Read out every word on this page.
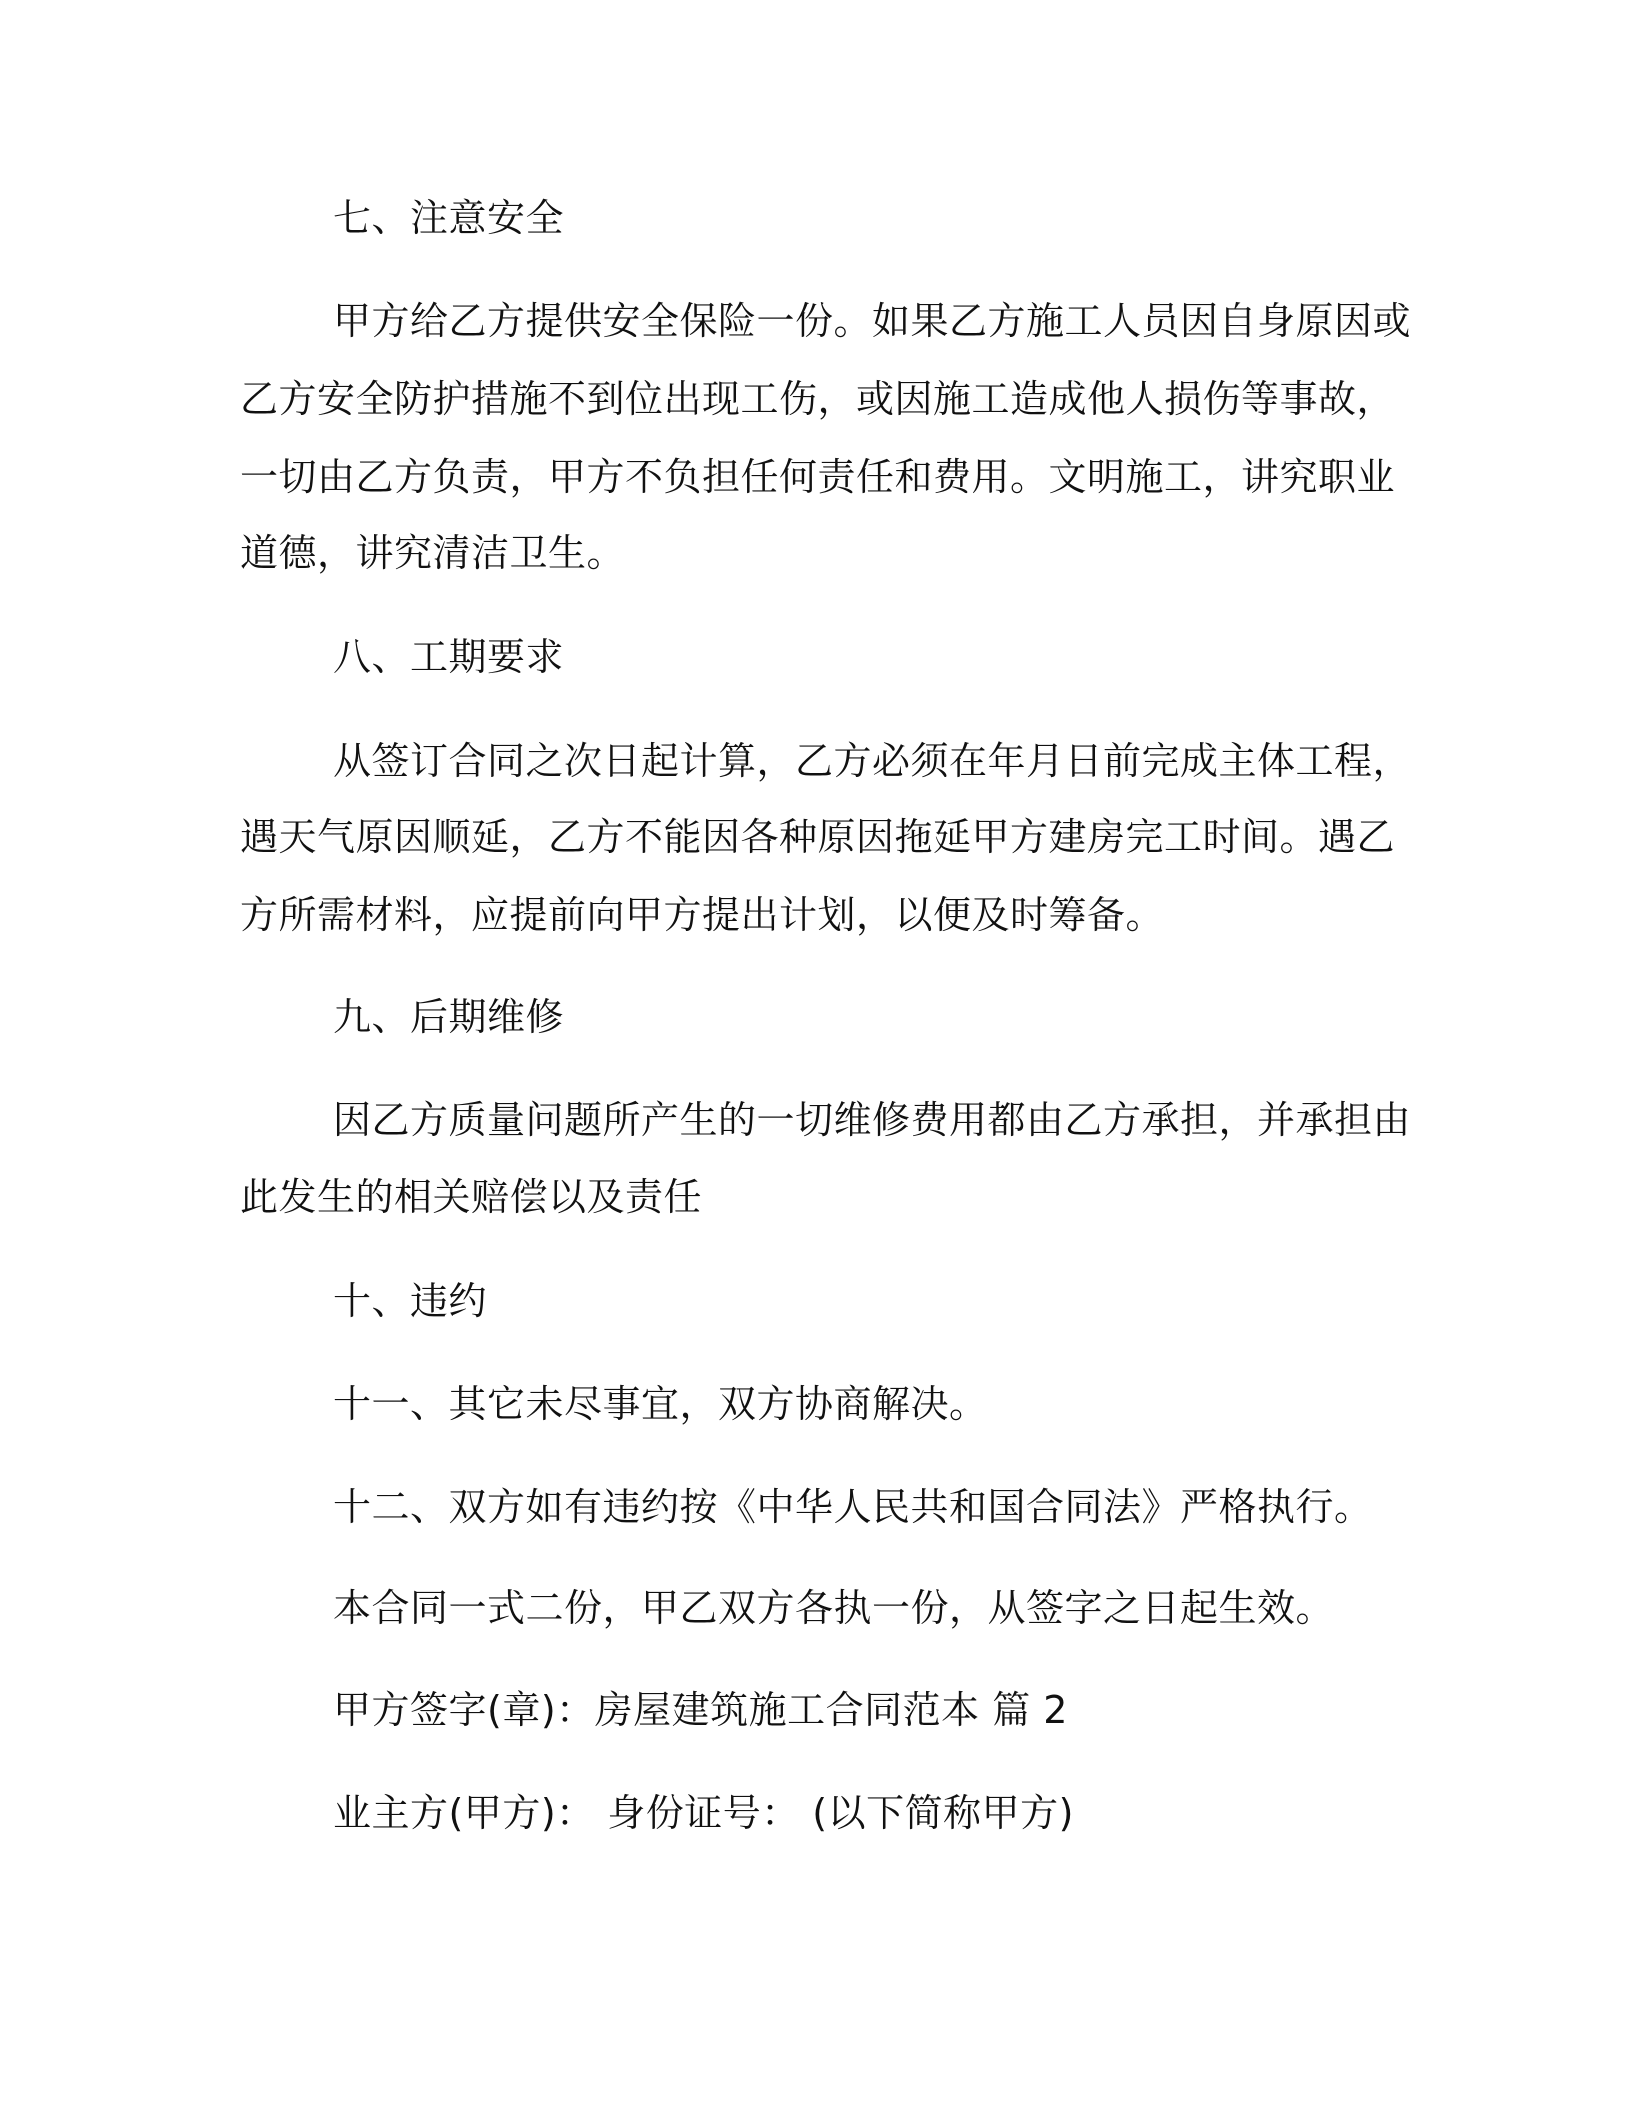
七、注意安全
甲方给乙方提供安全保险一份。如果乙方施工人员因自身原因或
乙方安全防护措施不到位出现工伤，或因施工造成他人损伤等事故，
一切由乙方负责，甲方不负担任何责任和费用。文明施工，讲究职业
道德，讲究清洁卫生。
八、工期要求
从签订合同之次日起计算，乙方必须在年月日前完成主体工程，
遇天气原因顺延，乙方不能因各种原因拖延甲方建房完工时间。遇乙
方所需材料，应提前向甲方提出计划，以便及时筹备。
九、后期维修
因乙方质量问题所产生的一切维修费用都由乙方承担，并承担由
此发生的相关赔偿以及责任
十、违约
十一、其它未尽事宜，双方协商解决。
十二、双方如有违约按《中华人民共和国合同法》严格执行。
本合同一式二份，甲乙双方各执一份，从签字之日起生效。
甲方签字(章)：房屋建筑施工合同范本 篇 2
业主方(甲方)： 身份证号： (以下简称甲方)
